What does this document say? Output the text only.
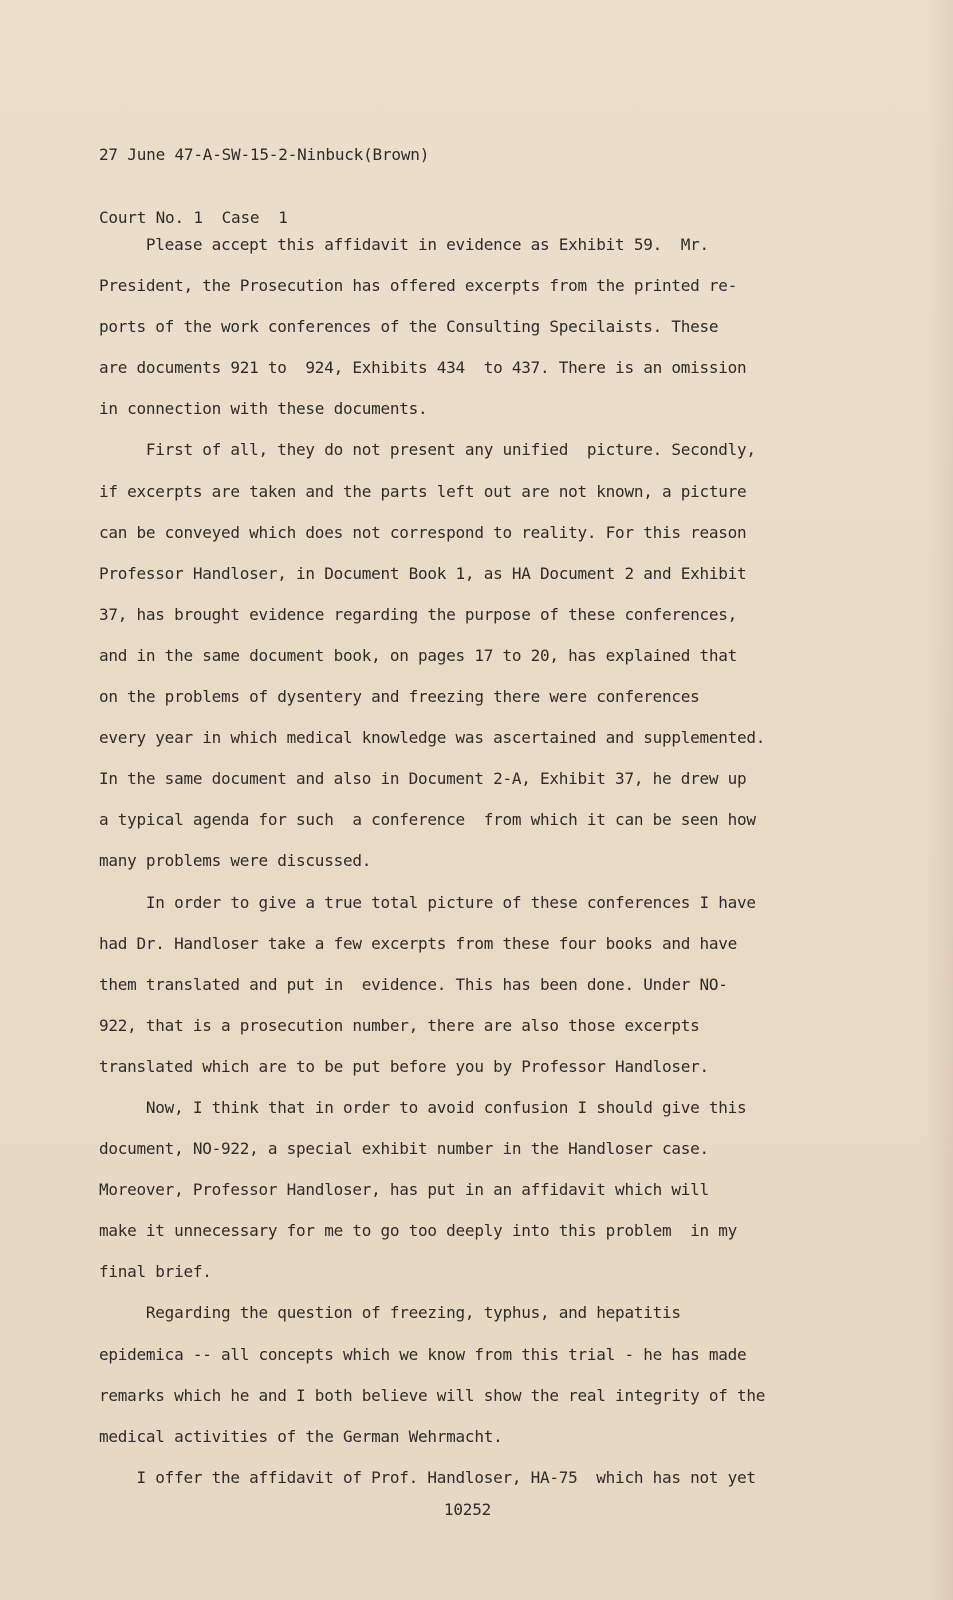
27 June 47-A-SW-15-2-Ninbuck(Brown)

Court No. 1  Case  1

Please accept this affidavit in evidence as Exhibit 59.  Mr.
President, the Prosecution has offered excerpts from the printed re-
ports of the work conferences of the Consulting Specilaists. These
are documents 921 to  924, Exhibits 434  to 437. There is an omission
in connection with these documents.
First of all, they do not present any unified  picture. Secondly,
if excerpts are taken and the parts left out are not known, a picture
can be conveyed which does not correspond to reality. For this reason
Professor Handloser, in Document Book 1, as HA Document 2 and Exhibit
37, has brought evidence regarding the purpose of these conferences,
and in the same document book, on pages 17 to 20, has explained that
on the problems of dysentery and freezing there were conferences
every year in which medical knowledge was ascertained and supplemented.
In the same document and also in Document 2-A, Exhibit 37, he drew up
a typical agenda for such  a conference  from which it can be seen how
many problems were discussed.
In order to give a true total picture of these conferences I have
had Dr. Handloser take a few excerpts from these four books and have
them translated and put in  evidence. This has been done. Under NO-
922, that is a prosecution number, there are also those excerpts
translated which are to be put before you by Professor Handloser.
Now, I think that in order to avoid confusion I should give this
document, NO-922, a special exhibit number in the Handloser case.
Moreover, Professor Handloser, has put in an affidavit which will
make it unnecessary for me to go too deeply into this problem  in my
final brief.
Regarding the question of freezing, typhus, and hepatitis
epidemica -- all concepts which we know from this trial - he has made
remarks which he and I both believe will show the real integrity of the
medical activities of the German Wehrmacht.
I offer the affidavit of Prof. Handloser, HA-75  which has not yet
10252
